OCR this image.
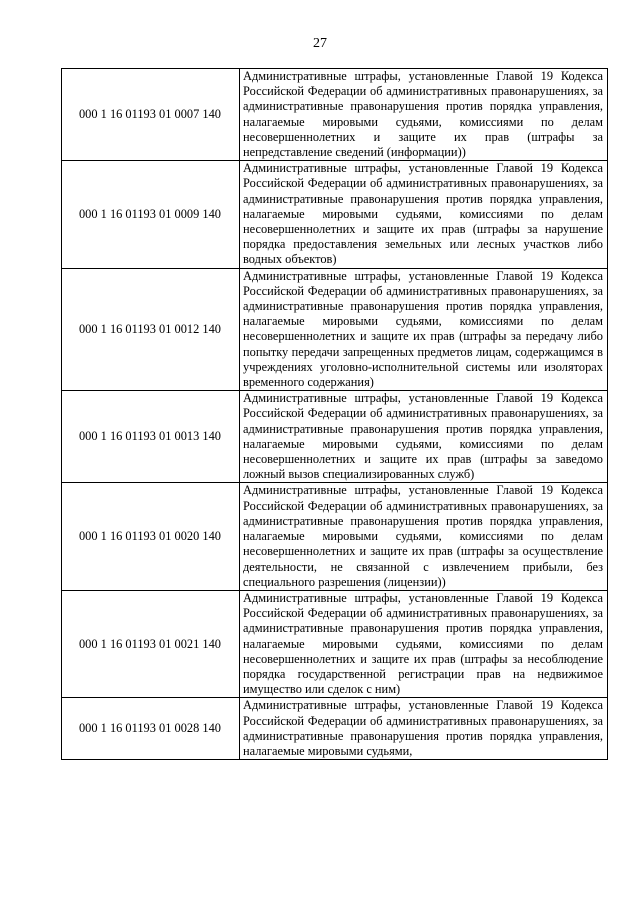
27
000 1 16 01193 01 0007 140	Административные штрафы, установленные Главой 19 Кодекса Российской Федерации об административных правонарушениях, за административные правонарушения против порядка управления, налагаемые мировыми судьями, комиссиями по делам несовершеннолетних и защите их прав (штрафы за непредставление сведений (информации))
000 1 16 01193 01 0009 140	Административные штрафы, установленные Главой 19 Кодекса Российской Федерации об административных правонарушениях, за административные правонарушения против порядка управления, налагаемые мировыми судьями, комиссиями по делам несовершеннолетних и защите их прав (штрафы за нарушение порядка предоставления земельных или лесных участков либо водных объектов)
000 1 16 01193 01 0012 140	Административные штрафы, установленные Главой 19 Кодекса Российской Федерации об административных правонарушениях, за административные правонарушения против порядка управления, налагаемые мировыми судьями, комиссиями по делам несовершеннолетних и защите их прав (штрафы за передачу либо попытку передачи запрещенных предметов лицам, содержащимся в учреждениях уголовно-исполнительной системы или изоляторах временного содержания)
000 1 16 01193 01 0013 140	Административные штрафы, установленные Главой 19 Кодекса Российской Федерации об административных правонарушениях, за административные правонарушения против порядка управления, налагаемые мировыми судьями, комиссиями по делам несовершеннолетних и защите их прав (штрафы за заведомо ложный вызов специализированных служб)
000 1 16 01193 01 0020 140	Административные штрафы, установленные Главой 19 Кодекса Российской Федерации об административных правонарушениях, за административные правонарушения против порядка управления, налагаемые мировыми судьями, комиссиями по делам несовершеннолетних и защите их прав (штрафы за осуществление деятельности, не связанной с извлечением прибыли, без специального разрешения (лицензии))
000 1 16 01193 01 0021 140	Административные штрафы, установленные Главой 19 Кодекса Российской Федерации об административных правонарушениях, за административные правонарушения против порядка управления, налагаемые мировыми судьями, комиссиями по делам несовершеннолетних и защите их прав (штрафы за несоблюдение порядка государственной регистрации прав на недвижимое имущество или сделок с ним)
000 1 16 01193 01 0028 140	Административные штрафы, установленные Главой 19 Кодекса Российской Федерации об административных правонарушениях, за административные правонарушения против порядка управления, налагаемые мировыми судьями,
